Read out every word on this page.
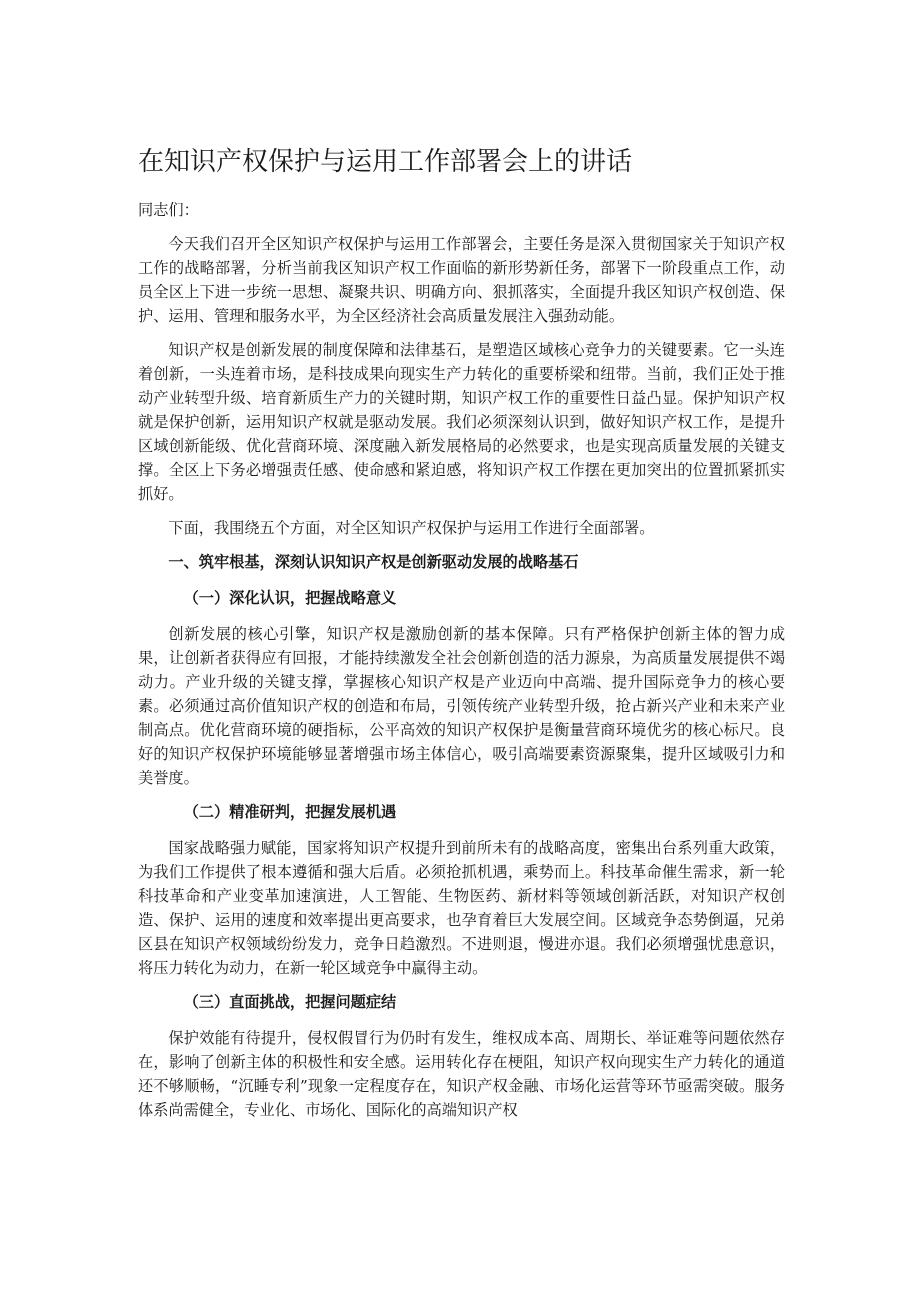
在知识产权保护与运用工作部署会上的讲话

同志们：

今天我们召开全区知识产权保护与运用工作部署会，主要任务是深入贯彻国家关于知识产权工作的战略部署，分析当前我区知识产权工作面临的新形势新任务，部署下一阶段重点工作，动员全区上下进一步统一思想、凝聚共识、明确方向、狠抓落实，全面提升我区知识产权创造、保护、运用、管理和服务水平，为全区经济社会高质量发展注入强劲动能。

知识产权是创新发展的制度保障和法律基石，是塑造区域核心竞争力的关键要素。它一头连着创新，一头连着市场，是科技成果向现实生产力转化的重要桥梁和纽带。当前，我们正处于推动产业转型升级、培育新质生产力的关键时期，知识产权工作的重要性日益凸显。保护知识产权就是保护创新，运用知识产权就是驱动发展。我们必须深刻认识到，做好知识产权工作，是提升区域创新能级、优化营商环境、深度融入新发展格局的必然要求，也是实现高质量发展的关键支撑。全区上下务必增强责任感、使命感和紧迫感，将知识产权工作摆在更加突出的位置抓紧抓实抓好。

下面，我围绕五个方面，对全区知识产权保护与运用工作进行全面部署。

一、筑牢根基，深刻认识知识产权是创新驱动发展的战略基石

（一）深化认识，把握战略意义

创新发展的核心引擎，知识产权是激励创新的基本保障。只有严格保护创新主体的智力成果，让创新者获得应有回报，才能持续激发全社会创新创造的活力源泉，为高质量发展提供不竭动力。产业升级的关键支撑，掌握核心知识产权是产业迈向中高端、提升国际竞争力的核心要素。必须通过高价值知识产权的创造和布局，引领传统产业转型升级，抢占新兴产业和未来产业制高点。优化营商环境的硬指标，公平高效的知识产权保护是衡量营商环境优劣的核心标尺。良好的知识产权保护环境能够显著增强市场主体信心，吸引高端要素资源聚集，提升区域吸引力和美誉度。

（二）精准研判，把握发展机遇

国家战略强力赋能，国家将知识产权提升到前所未有的战略高度，密集出台系列重大政策，为我们工作提供了根本遵循和强大后盾。必须抢抓机遇，乘势而上。科技革命催生需求，新一轮科技革命和产业变革加速演进，人工智能、生物医药、新材料等领域创新活跃，对知识产权创造、保护、运用的速度和效率提出更高要求，也孕育着巨大发展空间。区域竞争态势倒逼，兄弟区县在知识产权领域纷纷发力，竞争日趋激烈。不进则退，慢进亦退。我们必须增强忧患意识，将压力转化为动力，在新一轮区域竞争中赢得主动。

（三）直面挑战，把握问题症结

保护效能有待提升，侵权假冒行为仍时有发生，维权成本高、周期长、举证难等问题依然存在，影响了创新主体的积极性和安全感。运用转化存在梗阻，知识产权向现实生产力转化的通道还不够顺畅，“沉睡专利”现象一定程度存在，知识产权金融、市场化运营等环节亟需突破。服务体系尚需健全，专业化、市场化、国际化的高端知识产权
